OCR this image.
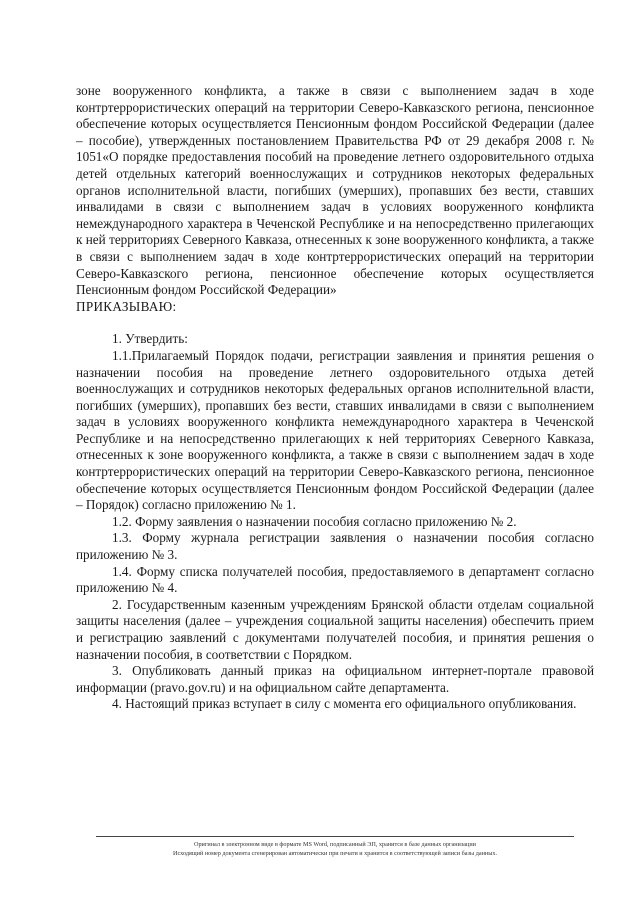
зоне вооруженного конфликта, а также в связи с выполнением задач в ходе контртеррористических операций на территории Северо-Кавказского региона, пенсионное обеспечение которых осуществляется Пенсионным фондом Российской Федерации (далее – пособие), утвержденных постановлением Правительства РФ от 29 декабря 2008 г. № 1051«О порядке предоставления пособий на проведение летнего оздоровительного отдыха детей отдельных категорий военнослужащих и сотрудников некоторых федеральных органов исполнительной власти, погибших (умерших), пропавших без вести, ставших инвалидами в связи с выполнением задач в условиях вооруженного конфликта немеждународного характера в Чеченской Республике и на непосредственно прилегающих к ней территориях Северного Кавказа, отнесенных к зоне вооруженного конфликта, а также в связи с выполнением задач в ходе контртеррористических операций на территории Северо-Кавказского региона, пенсионное обеспечение которых осуществляется Пенсионным фондом Российской Федерации»

ПРИКАЗЫВАЮ:

1. Утвердить:

1.1.Прилагаемый Порядок подачи, регистрации заявления и принятия решения о назначении пособия на проведение летнего оздоровительного отдыха детей военнослужащих и сотрудников некоторых федеральных органов исполнительной власти, погибших (умерших), пропавших без вести, ставших инвалидами в связи с выполнением задач в условиях вооруженного конфликта немеждународного характера в Чеченской Республике и на непосредственно прилегающих к ней территориях Северного Кавказа, отнесенных к зоне вооруженного конфликта, а также в связи с выполнением задач в ходе контртеррористических операций на территории Северо-Кавказского региона, пенсионное обеспечение которых осуществляется Пенсионным фондом Российской Федерации (далее – Порядок) согласно приложению № 1.

1.2. Форму заявления о назначении пособия согласно приложению № 2.

1.3. Форму журнала регистрации заявления о назначении пособия согласно приложению № 3.

1.4. Форму списка получателей пособия, предоставляемого в департамент согласно приложению № 4.

2. Государственным казенным учреждениям Брянской области отделам социальной защиты населения (далее – учреждения социальной защиты населения) обеспечить прием и регистрацию заявлений с документами получателей пособия, и принятия решения о назначении пособия, в соответствии с Порядком.

3. Опубликовать данный приказ на официальном интернет-портале правовой информации (pravo.gov.ru) и на официальном сайте департамента.

4. Настоящий приказ вступает в силу с момента его официального опубликования.

Оригинал в электронном виде в формате MS Word, подписанный ЭП, хранится в базе данных организации
Исходящий номер документа сгенерирован автоматически при печати и хранится в соответствующей записи базы данных.
